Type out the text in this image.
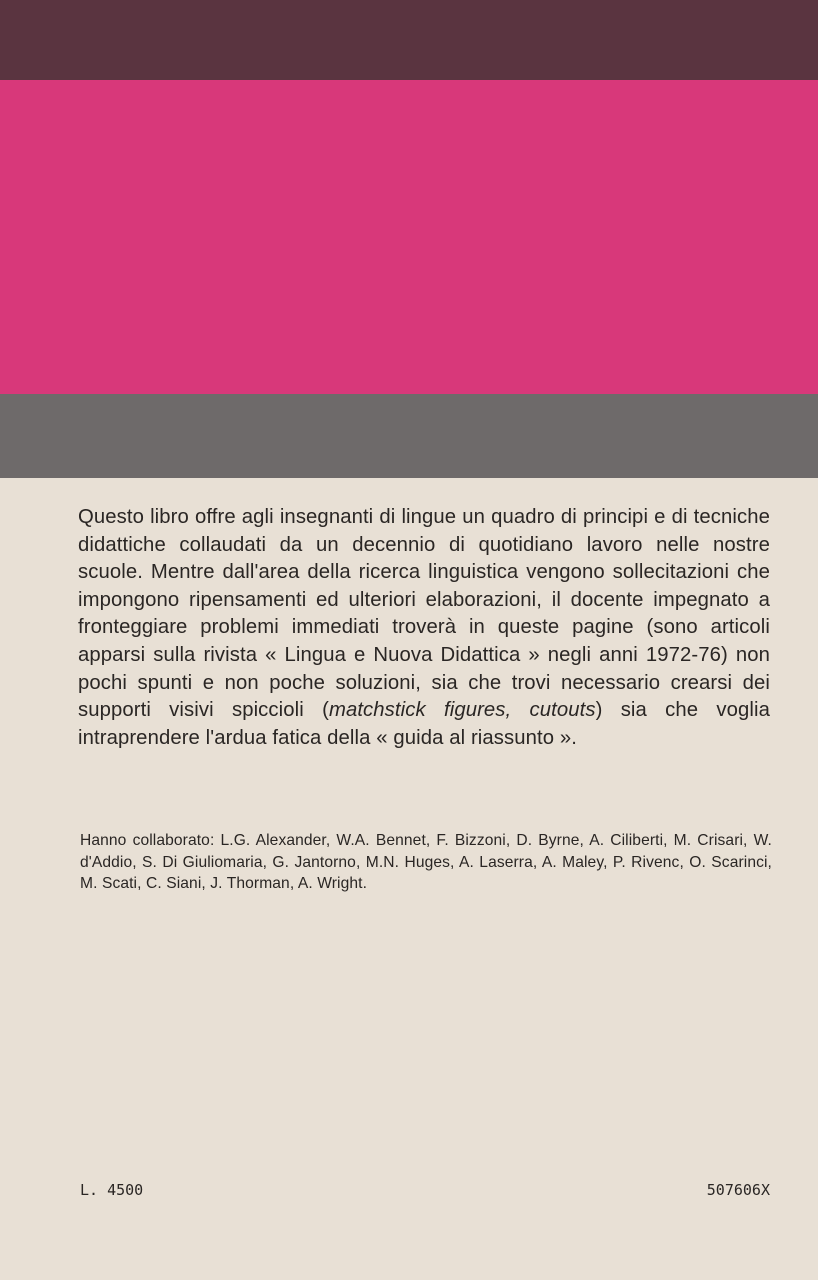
Questo libro offre agli insegnanti di lingue un quadro di principi e di tecniche didattiche collaudati da un decennio di quotidiano lavoro nelle nostre scuole. Mentre dall'area della ricerca linguistica vengono sollecitazioni che impongono ripensamenti ed ulteriori elaborazioni, il docente impegnato a fronteggiare problemi immediati troverà in queste pagine (sono articoli apparsi sulla rivista « Lingua e Nuova Didattica » negli anni 1972-76) non pochi spunti e non poche soluzioni, sia che trovi necessario crearsi dei supporti visivi spiccioli (matchstick figures, cutouts) sia che voglia intraprendere l'ardua fatica della « guida al riassunto ».

Hanno collaborato: L.G. Alexander, W.A. Bennet, F. Bizzoni, D. Byrne, A. Ciliberti, M. Crisari, W. d'Addio, S. Di Giuliomaria, G. Jantorno, M.N. Huges, A. Laserra, A. Maley, P. Rivenc, O. Scarinci, M. Scati, C. Siani, J. Thorman, A. Wright.

L. 4500	507606X
